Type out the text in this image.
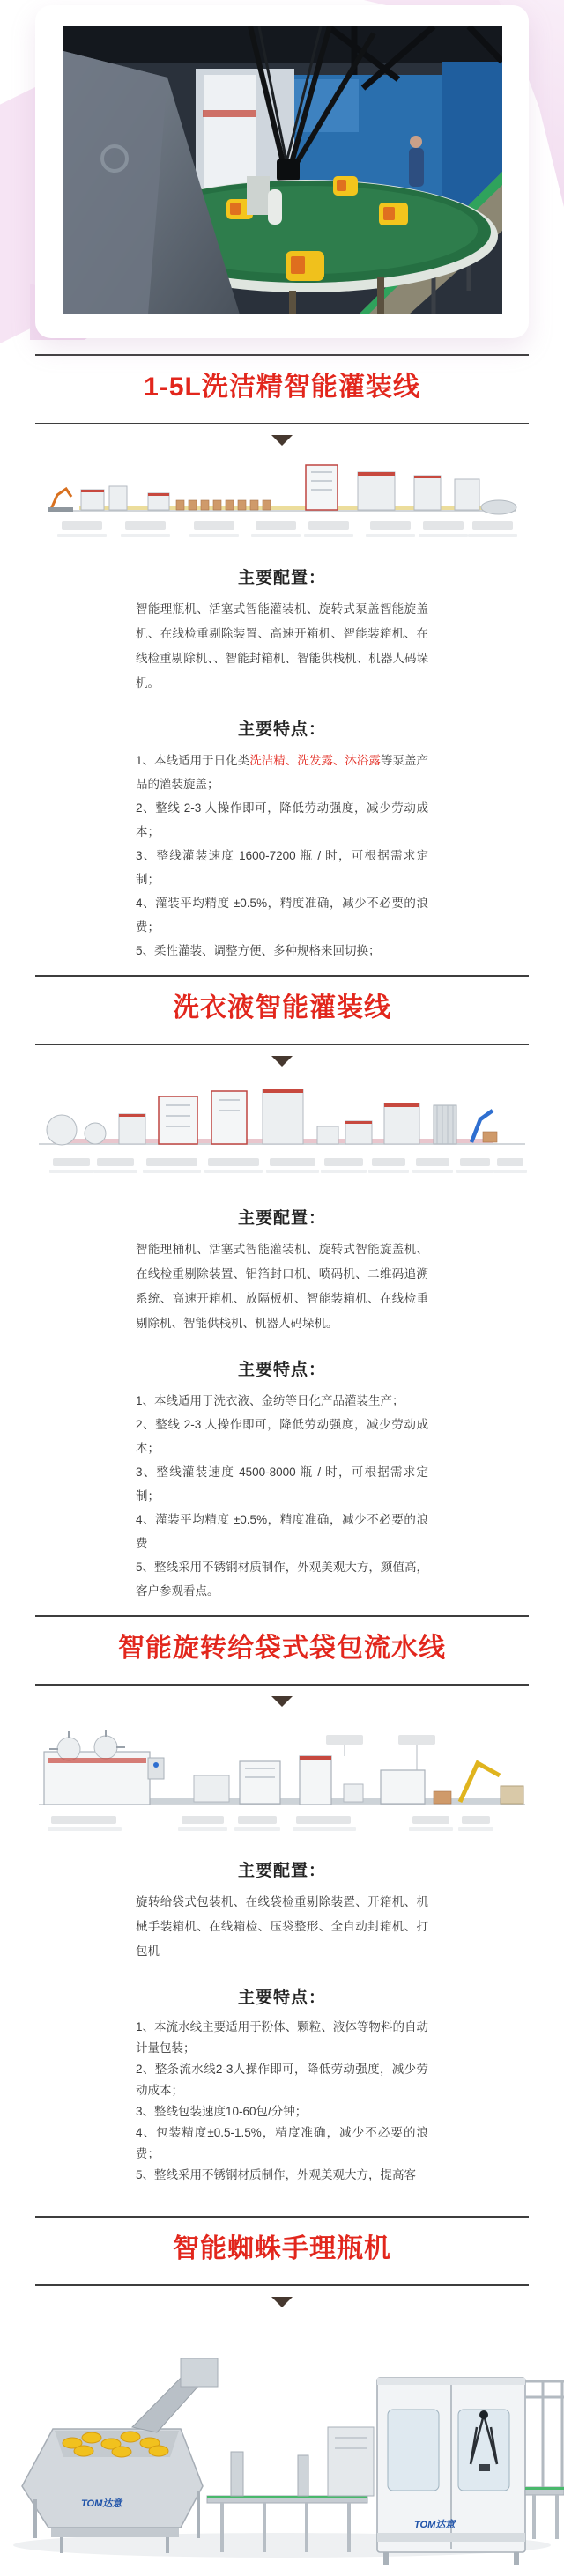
1-5L洗洁精智能灌装线
主要配置：

智能理瓶机、活塞式智能灌装机、旋转式泵盖智能旋盖机、在线检重剔除装置、高速开箱机、智能装箱机、在线检重剔除机、、智能封箱机、智能供栈机、机器人码垛机。

主要特点：
1、本线适用于日化类洗洁精、洗发露、沐浴露等泵盖产品的灌装旋盖；
2、整线 2-3 人操作即可，降低劳动强度，减少劳动成本；
3、整线灌装速度 1600-7200 瓶 / 时，可根据需求定制；
4、灌装平均精度 ±0.5%，精度准确，减少不必要的浪费；
5、柔性灌装、调整方便、多种规格来回切换；
洗衣液智能灌装线
主要配置：

智能理桶机、活塞式智能灌装机、旋转式智能旋盖机、在线检重剔除装置、铝箔封口机、喷码机、二维码追溯系统、高速开箱机、放隔板机、智能装箱机、在线检重剔除机、智能供栈机、机器人码垛机。

主要特点：
1、本线适用于洗衣液、金纺等日化产品灌装生产；
2、整线 2-3 人操作即可，降低劳动强度，减少劳动成本；
3、整线灌装速度 4500-8000 瓶 / 时，可根据需求定制；
4、灌装平均精度 ±0.5%，精度准确，减少不必要的浪费
5、整线采用不锈钢材质制作，外观美观大方，颜值高，客户参观看点。
智能旋转给袋式袋包流水线
主要配置：

旋转给袋式包装机、在线袋检重剔除装置、开箱机、机械手装箱机、在线箱检、压袋整形、全自动封箱机、打包机

主要特点：
1、本流水线主要适用于粉体、颗粒、液体等物料的自动计量包装；
2、整条流水线2-3人操作即可，降低劳动强度，减少劳动成本；
3、整线包装速度10-60包/分钟；
4、包装精度±0.5-1.5%，精度准确，减少不必要的浪费；
5、整线采用不锈钢材质制作，外观美观大方，提高客
智能蜘蛛手理瓶机
TOM达意
TOM达意
